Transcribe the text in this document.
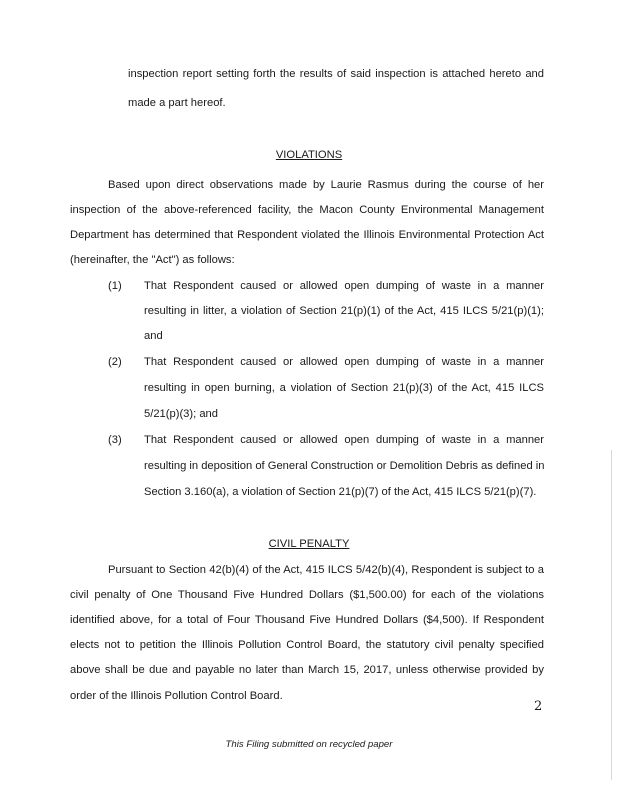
inspection report setting forth the results of said inspection is attached hereto and
made a part hereof.
VIOLATIONS
Based upon direct observations made by Laurie Rasmus during the course of her
inspection of the above-referenced facility, the Macon County Environmental Management
Department has determined that Respondent violated the Illinois Environmental Protection Act
(hereinafter, the "Act") as follows:
(1) That Respondent caused or allowed open dumping of waste in a manner
resulting in litter, a violation of Section 21(p)(1) of the Act, 415 ILCS 5/21(p)(1);
and
(2) That Respondent caused or allowed open dumping of waste in a manner
resulting in open burning, a violation of Section 21(p)(3) of the Act, 415 ILCS
5/21(p)(3); and
(3) That Respondent caused or allowed open dumping of waste in a manner
resulting in deposition of General Construction or Demolition Debris as defined in
Section 3.160(a), a violation of Section 21(p)(7) of the Act, 415 ILCS 5/21(p)(7).
CIVIL PENALTY
Pursuant to Section 42(b)(4) of the Act, 415 ILCS 5/42(b)(4), Respondent is subject to a
civil penalty of One Thousand Five Hundred Dollars ($1,500.00) for each of the violations
identified above, for a total of Four Thousand Five Hundred Dollars ($4,500). If Respondent
elects not to petition the Illinois Pollution Control Board, the statutory civil penalty specified
above shall be due and payable no later than March 15, 2017, unless otherwise provided by
order of the Illinois Pollution Control Board.
2
This Filing submitted on recycled paper
